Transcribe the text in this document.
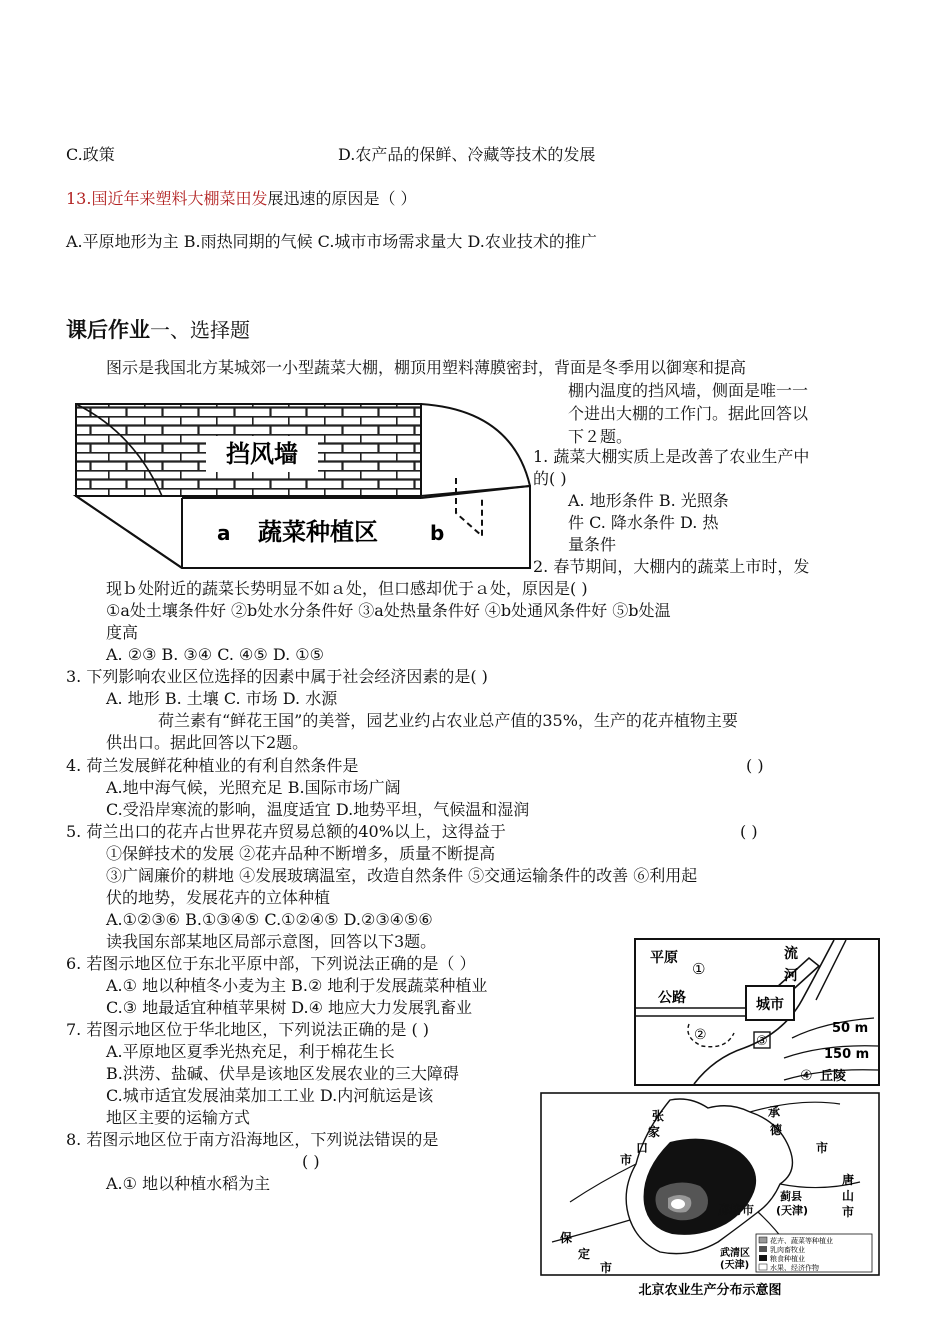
C.政策	D.农产品的保鲜、冷藏等技术的发展
13.国近年来塑料大棚菜田发展迅速的原因是（ ）
A.平原地形为主 B.雨热同期的气候 C.城市市场需求量大 D.农业技术的推广
课后作业一、选择题
图示是我国北方某城郊一小型蔬菜大棚，棚顶用塑料薄膜密封，背面是冬季用以御寒和提高
棚内温度的挡风墙，侧面是唯一一
个进出大棚的工作门。据此回答以
下２题。
挡风墙
a 蔬菜种植区	b
1. 蔬菜大棚实质上是改善了农业生产中
的( )
A. 地形条件 B. 光照条
件 C. 降水条件 D. 热
量条件
2. 春节期间，大棚内的蔬菜上市时，发
现ｂ处附近的蔬菜长势明显不如ａ处，但口感却优于ａ处，原因是( )
①a处土壤条件好 ②b处水分条件好 ③a处热量条件好 ④b处通风条件好 ⑤b处温
度高
A. ②③ B. ③④ C. ④⑤ D. ①⑤
3. 下列影响农业区位选择的因素中属于社会经济因素的是( )
A. 地形 B. 土壤 C. 市场 D. 水源
荷兰素有“鲜花王国”的美誉，园艺业约占农业总产值的35%，生产的花卉植物主要
供出口。据此回答以下2题。
4. 荷兰发展鲜花种植业的有利自然条件是	( )
A.地中海气候，光照充足 B.国际市场广阔
C.受沿岸寒流的影响，温度适宜 D.地势平坦，气候温和湿润
5. 荷兰出口的花卉占世界花卉贸易总额的40%以上，这得益于	( )
①保鲜技术的发展 ②花卉品种不断增多，质量不断提高
③广阔廉价的耕地 ④发展玻璃温室，改造自然条件 ⑤交通运输条件的改善 ⑥利用起
伏的地势，发展花卉的立体种植
A.①②③⑥ B.①③④⑤ C.①②④⑤ D.②③④⑤⑥
读我国东部某地区局部示意图，回答以下3题。
6. 若图示地区位于东北平原中部，下列说法正确的是（ ）
A.① 地以种植冬小麦为主 B.② 地利于发展蔬菜种植业
C.③ 地最适宜种植苹果树 D.④ 地应大力发展乳畜业
7. 若图示地区位于华北地区，下列说法正确的是 ( )
A.平原地区夏季光热充足，利于棉花生长
B.洪涝、盐碱、伏旱是该地区发展农业的三大障碍
C.城市适宜发展油菜加工工业 D.内河航运是该
地区主要的运输方式
8. 若图示地区位于南方沿海地区，下列说法错误的是
( )
A.① 地以种植水稻为主
平原
①
流
河
公路	城市
②	③
50 m
150 m
④ 丘陵
张
家
口
市
承
德
市
唐
山
市
保
定
市
廊坊市
蓟县
(天津)
武清区
(天津)
花卉、蔬菜等种植业
乳肉畜牧业
粮食种植业
水果、经济作物
北京农业生产分布示意图
